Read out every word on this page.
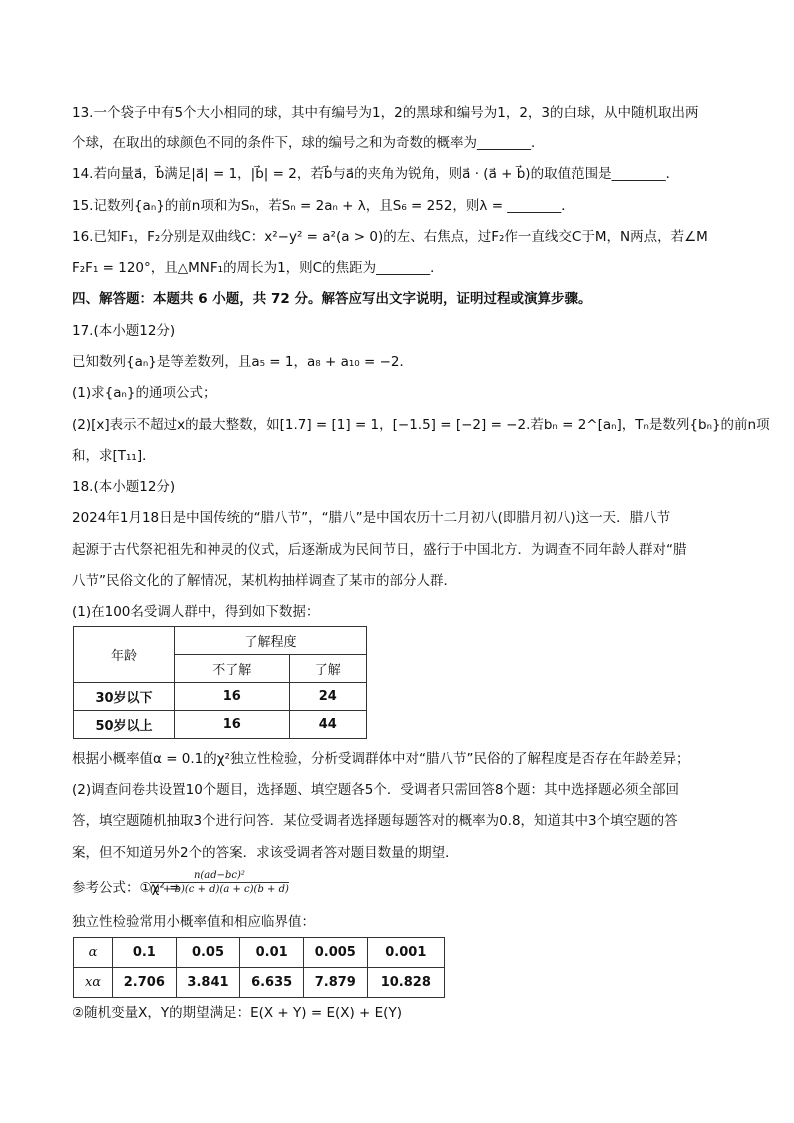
13.一个袋子中有5个大小相同的球，其中有编号为1，2的黑球和编号为1，2，3的白球，从中随机取出两
个球，在取出的球颜色不同的条件下，球的编号之和为奇数的概率为________．
14.若向量a⃗，b⃗满足|a⃗| = 1，|b⃗| = 2，若b⃗与a⃗的夹角为锐角，则a⃗ · (a⃗ + b⃗)的取值范围是________．
15.记数列{aₙ}的前n项和为Sₙ，若Sₙ = 2aₙ + λ，且S₆ = 252，则λ = ________．
16.已知F₁，F₂分别是双曲线C：x²−y² = a²(a > 0)的左、右焦点，过F₂作一直线交C于M，N两点，若∠M
F₂F₁ = 120°，且△MNF₁的周长为1，则C的焦距为________．
四、解答题：本题共 6 小题，共 72 分。解答应写出文字说明，证明过程或演算步骤。
17.(本小题12分)
已知数列{aₙ}是等差数列，且a₅ = 1，a₈ + a₁₀ = −2．
(1)求{aₙ}的通项公式；
(2)[x]表示不超过x的最大整数，如[1.7] = [1] = 1，[−1.5] = [−2] = −2.若bₙ = 2^[aₙ]，Tₙ是数列{bₙ}的前n项
和，求[T₁₁]．
18.(本小题12分)
2024年1月18日是中国传统的“腊八节”，“腊八”是中国农历十二月初八(即腊月初八)这一天．腊八节
起源于古代祭祀祖先和神灵的仪式，后逐渐成为民间节日，盛行于中国北方．为调查不同年龄人群对“腊
八节”民俗文化的了解情况，某机构抽样调查了某市的部分人群．
(1)在100名受调人群中，得到如下数据：
年龄	了解程度	
	不了解	了解
30岁以下	16	24
50岁以上	16	44
根据小概率值α = 0.1的χ²独立性检验，分析受调群体中对“腊八节”民俗的了解程度是否存在年龄差异；
(2)调查问卷共设置10个题目，选择题、填空题各5个．受调者只需回答8个题：其中选择题必须全部回
答，填空题随机抽取3个进行问答．某位受调者选择题每题答对的概率为0.8，知道其中3个填空题的答
案，但不知道另外2个的答案．求该受调者答对题目数量的期望．
参考公式：①χ² =
$\frac{\text{n(ad−bc)²}}{(a + b)(c + d)(a + c)(b + d)}$
独立性检验常用小概率值和相应临界值：
α	0.1	0.05	0.01	0.005	0.001
xα	2.706	3.841	6.635	7.879	10.828
②随机变量X，Y的期望满足：E(X + Y) = E(X) + E(Y)
